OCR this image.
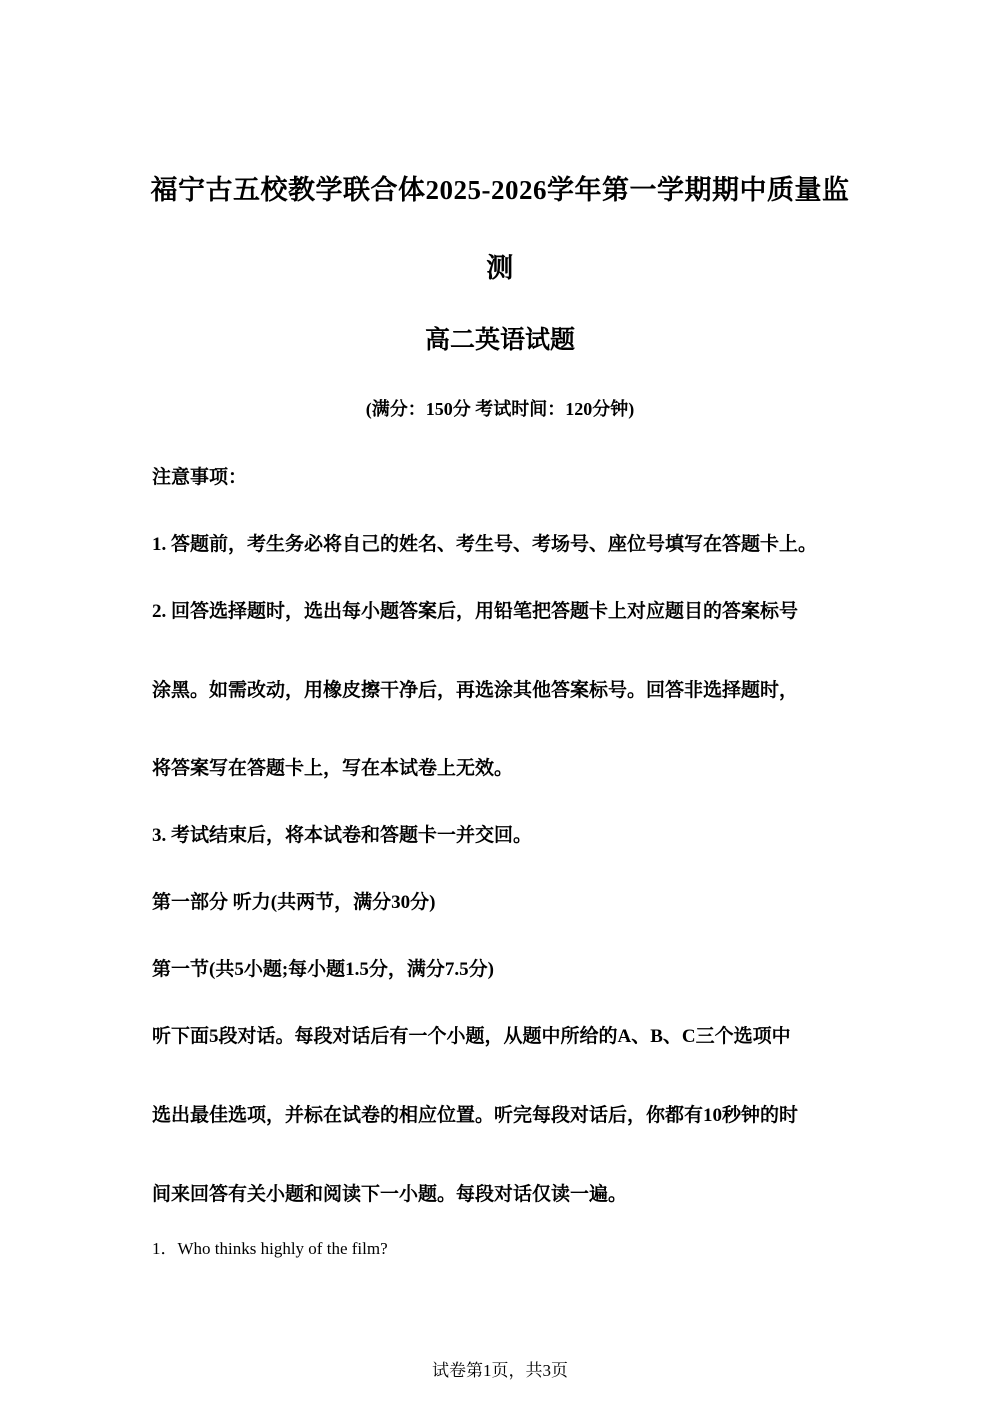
福宁古五校教学联合体2025-2026学年第一学期期中质量监
测
高二英语试题
(满分：150分 考试时间：120分钟)
注意事项：
1. 答题前，考生务必将自己的姓名、考生号、考场号、座位号填写在答题卡上。
2. 回答选择题时，选出每小题答案后，用铅笔把答题卡上对应题目的答案标号
涂黑。如需改动，用橡皮擦干净后，再选涂其他答案标号。回答非选择题时，
将答案写在答题卡上，写在本试卷上无效。
3. 考试结束后，将本试卷和答题卡一并交回。
第一部分 听力(共两节，满分30分)
第一节(共5小题;每小题1.5分，满分7.5分)
听下面5段对话。每段对话后有一个小题，从题中所给的A、B、C三个选项中
选出最佳选项，并标在试卷的相应位置。听完每段对话后，你都有10秒钟的时
间来回答有关小题和阅读下一小题。每段对话仅读一遍。
1．Who thinks highly of the film?
试卷第1页，共3页
